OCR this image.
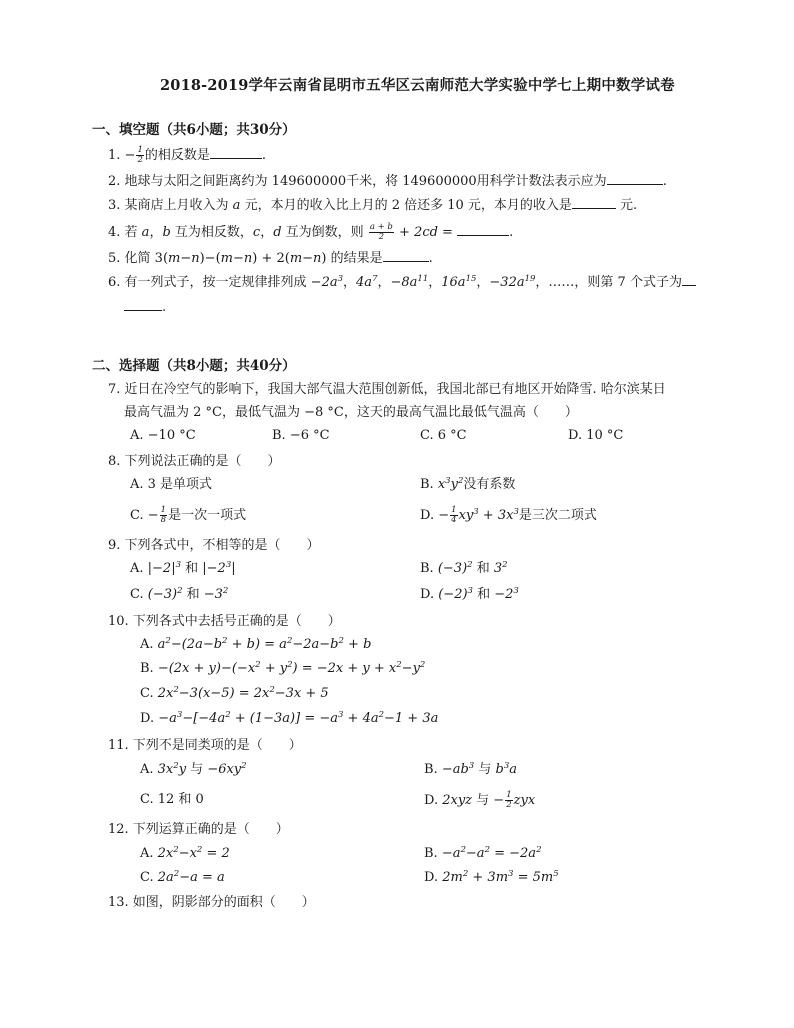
2018-2019学年云南省昆明市五华区云南师范大学实验中学七上期中数学试卷
一、填空题（共6小题；共30分）
1. − $\frac{1}{2}$ 的相反数是	.
2. 地球与太阳之间距离约为 149600000千米，将 149600000用科学计数法表示应为	.
3. 某商店上月收入为 a 元，本月的收入比上月的 2 倍还多 10 元，本月的收入是	元.
4. 若 a，b 互为相反数，c，d 互为倒数，则 $\frac{a + b}{2} + 2cd$ =	.
5. 化简 3(m−n)−(m−n) + 2(m−n) 的结果是	.
6. 有一列式子，按一定规律排列成 $-2a^3$，$4a^7$，$-8a^{11}$，$16a^{15}$，$-32a^{19}$，……，则第 7 个式子为
.
二、选择题（共8小题；共40分）
7. 近日在冷空气的影响下，我国大部气温大范围创新低，我国北部已有地区开始降雪. 哈尔滨某日
最高气温为 2 °C，最低气温为 −8 °C，这天的最高气温比最低气温高（　　）
A. −10 °C	B. −6 °C	C. 6 °C	D. 10 °C
8. 下列说法正确的是（　　）
A. 3 是单项式	B. $x^3y^2$没有系数
C. − $\frac{1}{8}$ 是一次一项式	D. − $\frac{1}{4} xy^3 + 3x^3$是三次二项式
9. 下列各式中，不相等的是（　　）
A. $|-2|^3$ 和 $|-2^3|$	B. $(-3)^2$ 和 $3^2$
C. $(-3)^2$ 和 $-3^2$	D. $(-2)^3$ 和 $-2^3$
10. 下列各式中去括号正确的是（　　）
A. $a^2-(2a-b^2 + b) = a^2-2a-b^2 + b$
B. $-(2x + y)-(-x^2 + y^2) = -2x + y + x^2-y^2$
C. $2x^2-3(x-5) = 2x^2-3x + 5$
D. $-a^3-[-4a^2 + (1-3a)] = -a^3 + 4a^2-1 + 3a$
11. 下列不是同类项的是（　　）
A. $3x^2y$ 与 $-6xy^2$	B. $-ab^3$ 与 $b^3a$
C. 12 和 0	D. 2xyz 与 − $\frac{1}{2}$ zyx
12. 下列运算正确的是（　　）
A. $2x^2-x^2 = 2$	B. $-a^2-a^2 = -2a^2$
C. $2a^2-a = a$	D. $2m^2 + 3m^3 = 5m^5$
13. 如图，阴影部分的面积（　　）
